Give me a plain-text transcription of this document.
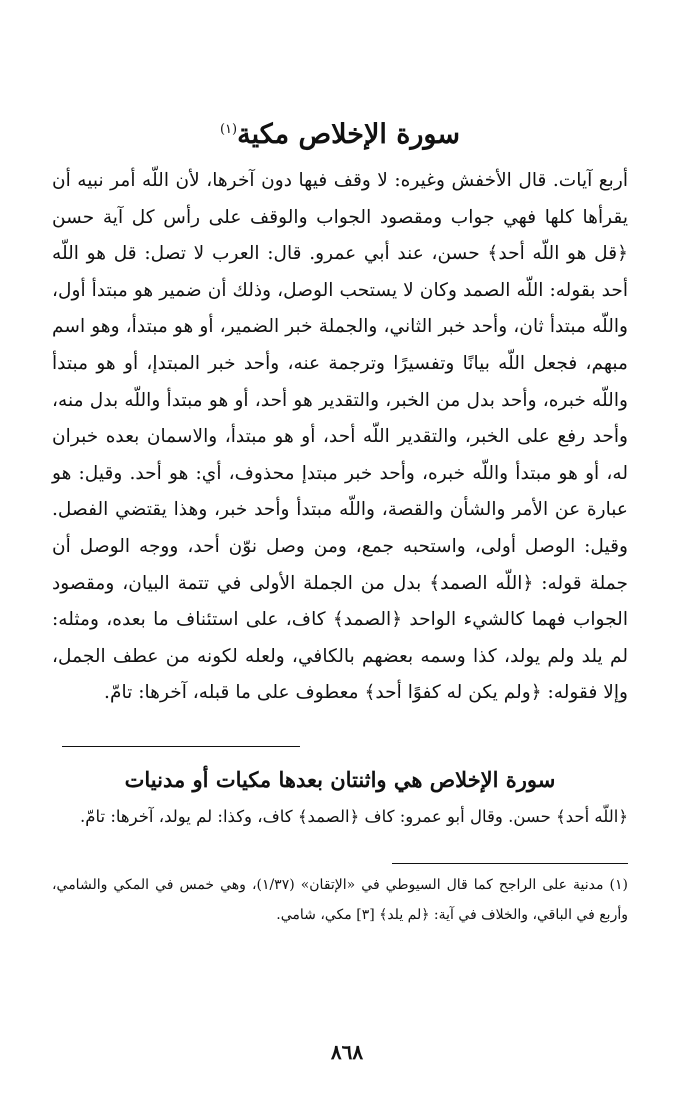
سورة الإخلاص مكية$^{(١)}$

أربع آيات. قال الأخفش وغيره: لا وقف فيها دون آخرها، لأن اللّه أمر نبيه أن يقرأها كلها فهي جواب ومقصود الجواب والوقف على رأس كل آية حسن ﴿قل هو اللّه أحد﴾ حسن، عند أبي عمرو. قال: العرب لا تصل: قل هو اللّه أحد بقوله: اللّه الصمد وكان لا يستحب الوصل، وذلك أن ضمير هو مبتدأ أول، واللّه مبتدأ ثان، وأحد خبر الثاني، والجملة خبر الضمير، أو هو مبتدأ، وهو اسم مبهم، فجعل اللّه بيانًا وتفسيرًا وترجمة عنه، وأحد خبر المبتدإ، أو هو مبتدأ واللّه خبره، وأحد بدل من الخبر، والتقدير هو أحد، أو هو مبتدأ واللّه بدل منه، وأحد رفع على الخبر، والتقدير اللّه أحد، أو هو مبتدأ، والاسمان بعده خبران له، أو هو مبتدأ واللّه خبره، وأحد خبر مبتدإ محذوف، أي: هو أحد. وقيل: هو عبارة عن الأمر والشأن والقصة، واللّه مبتدأ وأحد خبر، وهذا يقتضي الفصل. وقيل: الوصل أولى، واستحبه جمع، ومن وصل نوّن أحد، ووجه الوصل أن جملة قوله: ﴿اللّه الصمد﴾ بدل من الجملة الأولى في تتمة البيان، ومقصود الجواب فهما كالشيء الواحد ﴿الصمد﴾ كاف، على استئناف ما بعده، ومثله: لم يلد ولم يولد، كذا وسمه بعضهم بالكافي، ولعله لكونه من عطف الجمل، وإلا فقوله: ﴿ولم يكن له كفوًا أحد﴾ معطوف على ما قبله، آخرها: تامّ.

سورة الإخلاص هي واثنتان بعدها مكيات أو مدنيات

﴿اللّه أحد﴾ حسن. وقال أبو عمرو: كاف ﴿الصمد﴾ كاف، وكذا: لم يولد، آخرها: تامّ.

(١) مدنية على الراجح كما قال السيوطي في «الإتقان» (١/٣٧)، وهي خمس في المكي والشامي، وأربع في الباقي، والخلاف في آية: ﴿لم يلد﴾ [٣] مكي، شامي.

٨٦٨
